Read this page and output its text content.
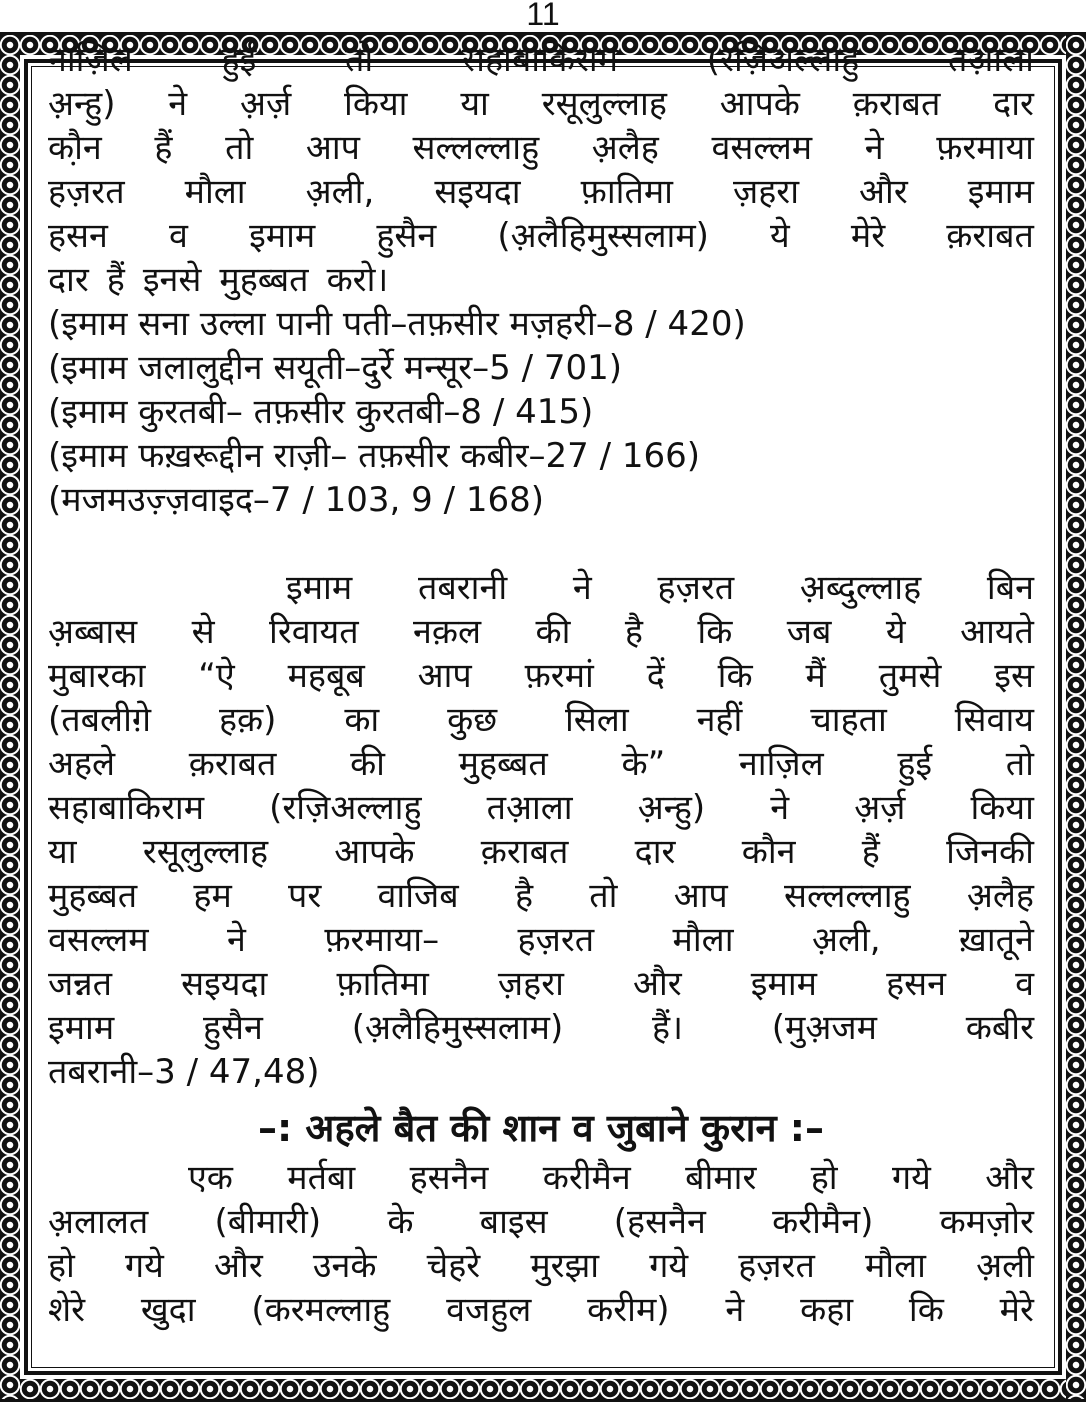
11
नाज़िल	हुई	तो	सहाबाकिराम	(रज़िअल्लाहु	तआ़ला
अ़न्हु) ने अ़र्ज़ किया या रसूलुल्लाह आपके क़राबत दार
कौ़न हैं तो आप सल्लल्लाहु अ़लैह वसल्लम ने फ़रमाया
हज़रत मौला अ़ली, सइयदा फ़ातिमा ज़हरा और इमाम
हसन व इमाम हुसैन (अ़लैहिमुस्सलाम) ये मेरे क़राबत
दार हैं इनसे मुहब्बत करो।
(इमाम सना उल्ला पानी पती–तफ़सीर मज़हरी–8 / 420)
(इमाम जलालुद्दीन सयूती–दुर्रे मन्सूर–5 / 701)
(इमाम कुरतबी– तफ़सीर कुरतबी–8 / 415)
(इमाम फख़रूद्दीन राज़ी– तफ़सीर कबीर–27 / 166)
(मजमउज़्ज़वाइद–7 / 103, 9 / 168)
इमाम तबरानी ने हज़रत अ़ब्दुल्लाह बिन
अ़ब्बास से रिवायत नक़ल की है कि जब ये आयते
मुबारका “ऐ महबूब आप फ़रमां दें कि मैं तुमसे इस
(तबलीग़े हक़) का कुछ सिला नहीं चाहता सिवाय
अहले क़राबत की मुहब्बत के” नाज़िल हुई तो
सहाबाकिराम (रज़िअल्लाहु तआ़ला अ़न्हु) ने अ़र्ज़ किया
या रसूलुल्लाह आपके क़राबत दार कौन हैं जिनकी
मुहब्बत हम पर वाजिब है तो आप सल्लल्लाहु अ़लैह
वसल्लम ने फ़रमाया– हज़रत मौला अ़ली, ख़ातूने
जन्नत सइयदा फ़ातिमा ज़हरा और इमाम हसन व
इमाम	हुसैन	(अ़लैहिमुस्सलाम)	हैं।	(मुअ़जम	कबीर
तबरानी–3 / 47,48)
–: अहले बैत की शान व जुबाने कुरान :–
एक मर्तबा हसनैन करीमैन बीमार हो गये और
अ़लालत (बीमारी) के बाइस (हसनैन करीमैन) कमज़ोर
हो गये और उनके चेहरे मुरझा गये हज़रत मौला अ़ली
शेरे खुदा (करमल्लाहु वजहुल करीम) ने कहा कि मेरे
